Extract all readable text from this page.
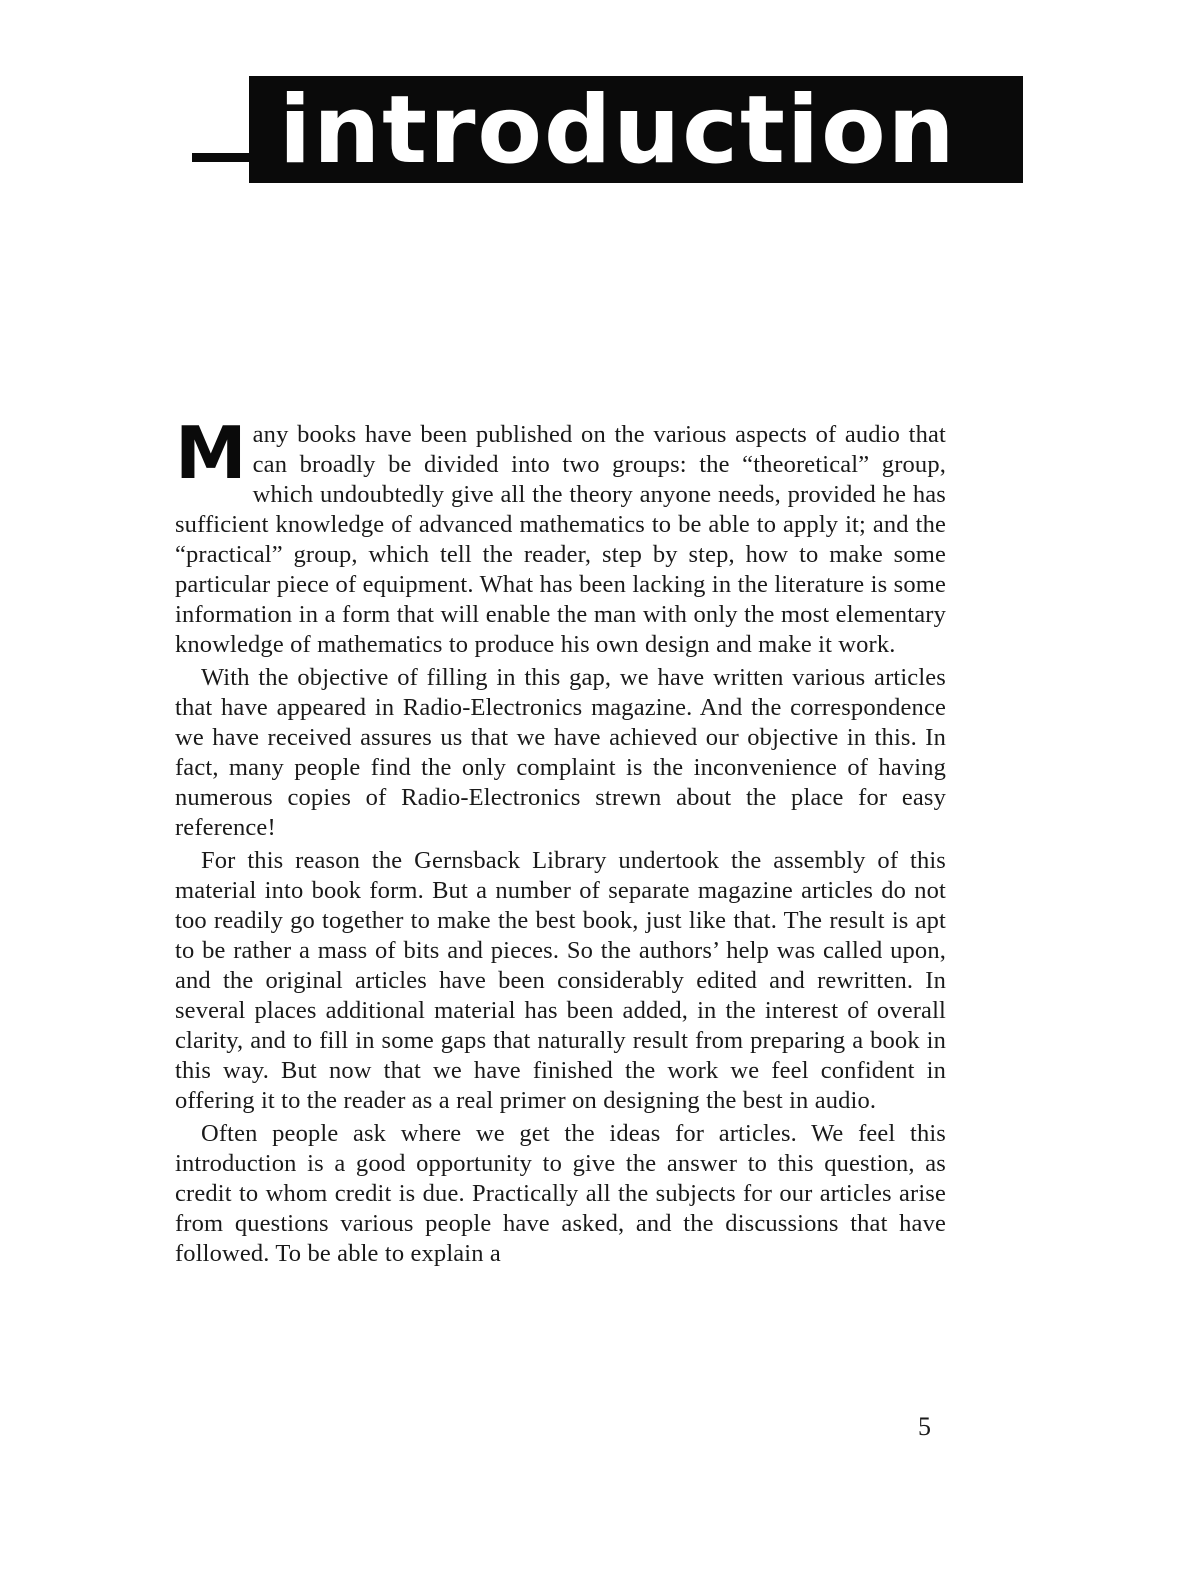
introduction

Many books have been published on the various aspects of audio that can broadly be divided into two groups: the “theoretical” group, which undoubtedly give all the theory anyone needs, provided he has sufficient knowledge of advanced mathematics to be able to apply it; and the “practical” group, which tell the reader, step by step, how to make some particular piece of equipment. What has been lacking in the literature is some information in a form that will enable the man with only the most elementary knowledge of mathematics to produce his own design and make it work.

With the objective of filling in this gap, we have written various articles that have appeared in Radio-Electronics magazine. And the correspondence we have received assures us that we have achieved our objective in this. In fact, many people find the only complaint is the inconvenience of having numerous copies of Radio-Electronics strewn about the place for easy reference!

For this reason the Gernsback Library undertook the assembly of this material into book form. But a number of separate magazine articles do not too readily go together to make the best book, just like that. The result is apt to be rather a mass of bits and pieces. So the authors’ help was called upon, and the original articles have been considerably edited and rewritten. In several places additional material has been added, in the interest of overall clarity, and to fill in some gaps that naturally result from preparing a book in this way. But now that we have finished the work we feel confident in offering it to the reader as a real primer on designing the best in audio.

Often people ask where we get the ideas for articles. We feel this introduction is a good opportunity to give the answer to this question, as credit to whom credit is due. Practically all the subjects for our articles arise from questions various people have asked, and the discussions that have followed. To be able to explain a

5
